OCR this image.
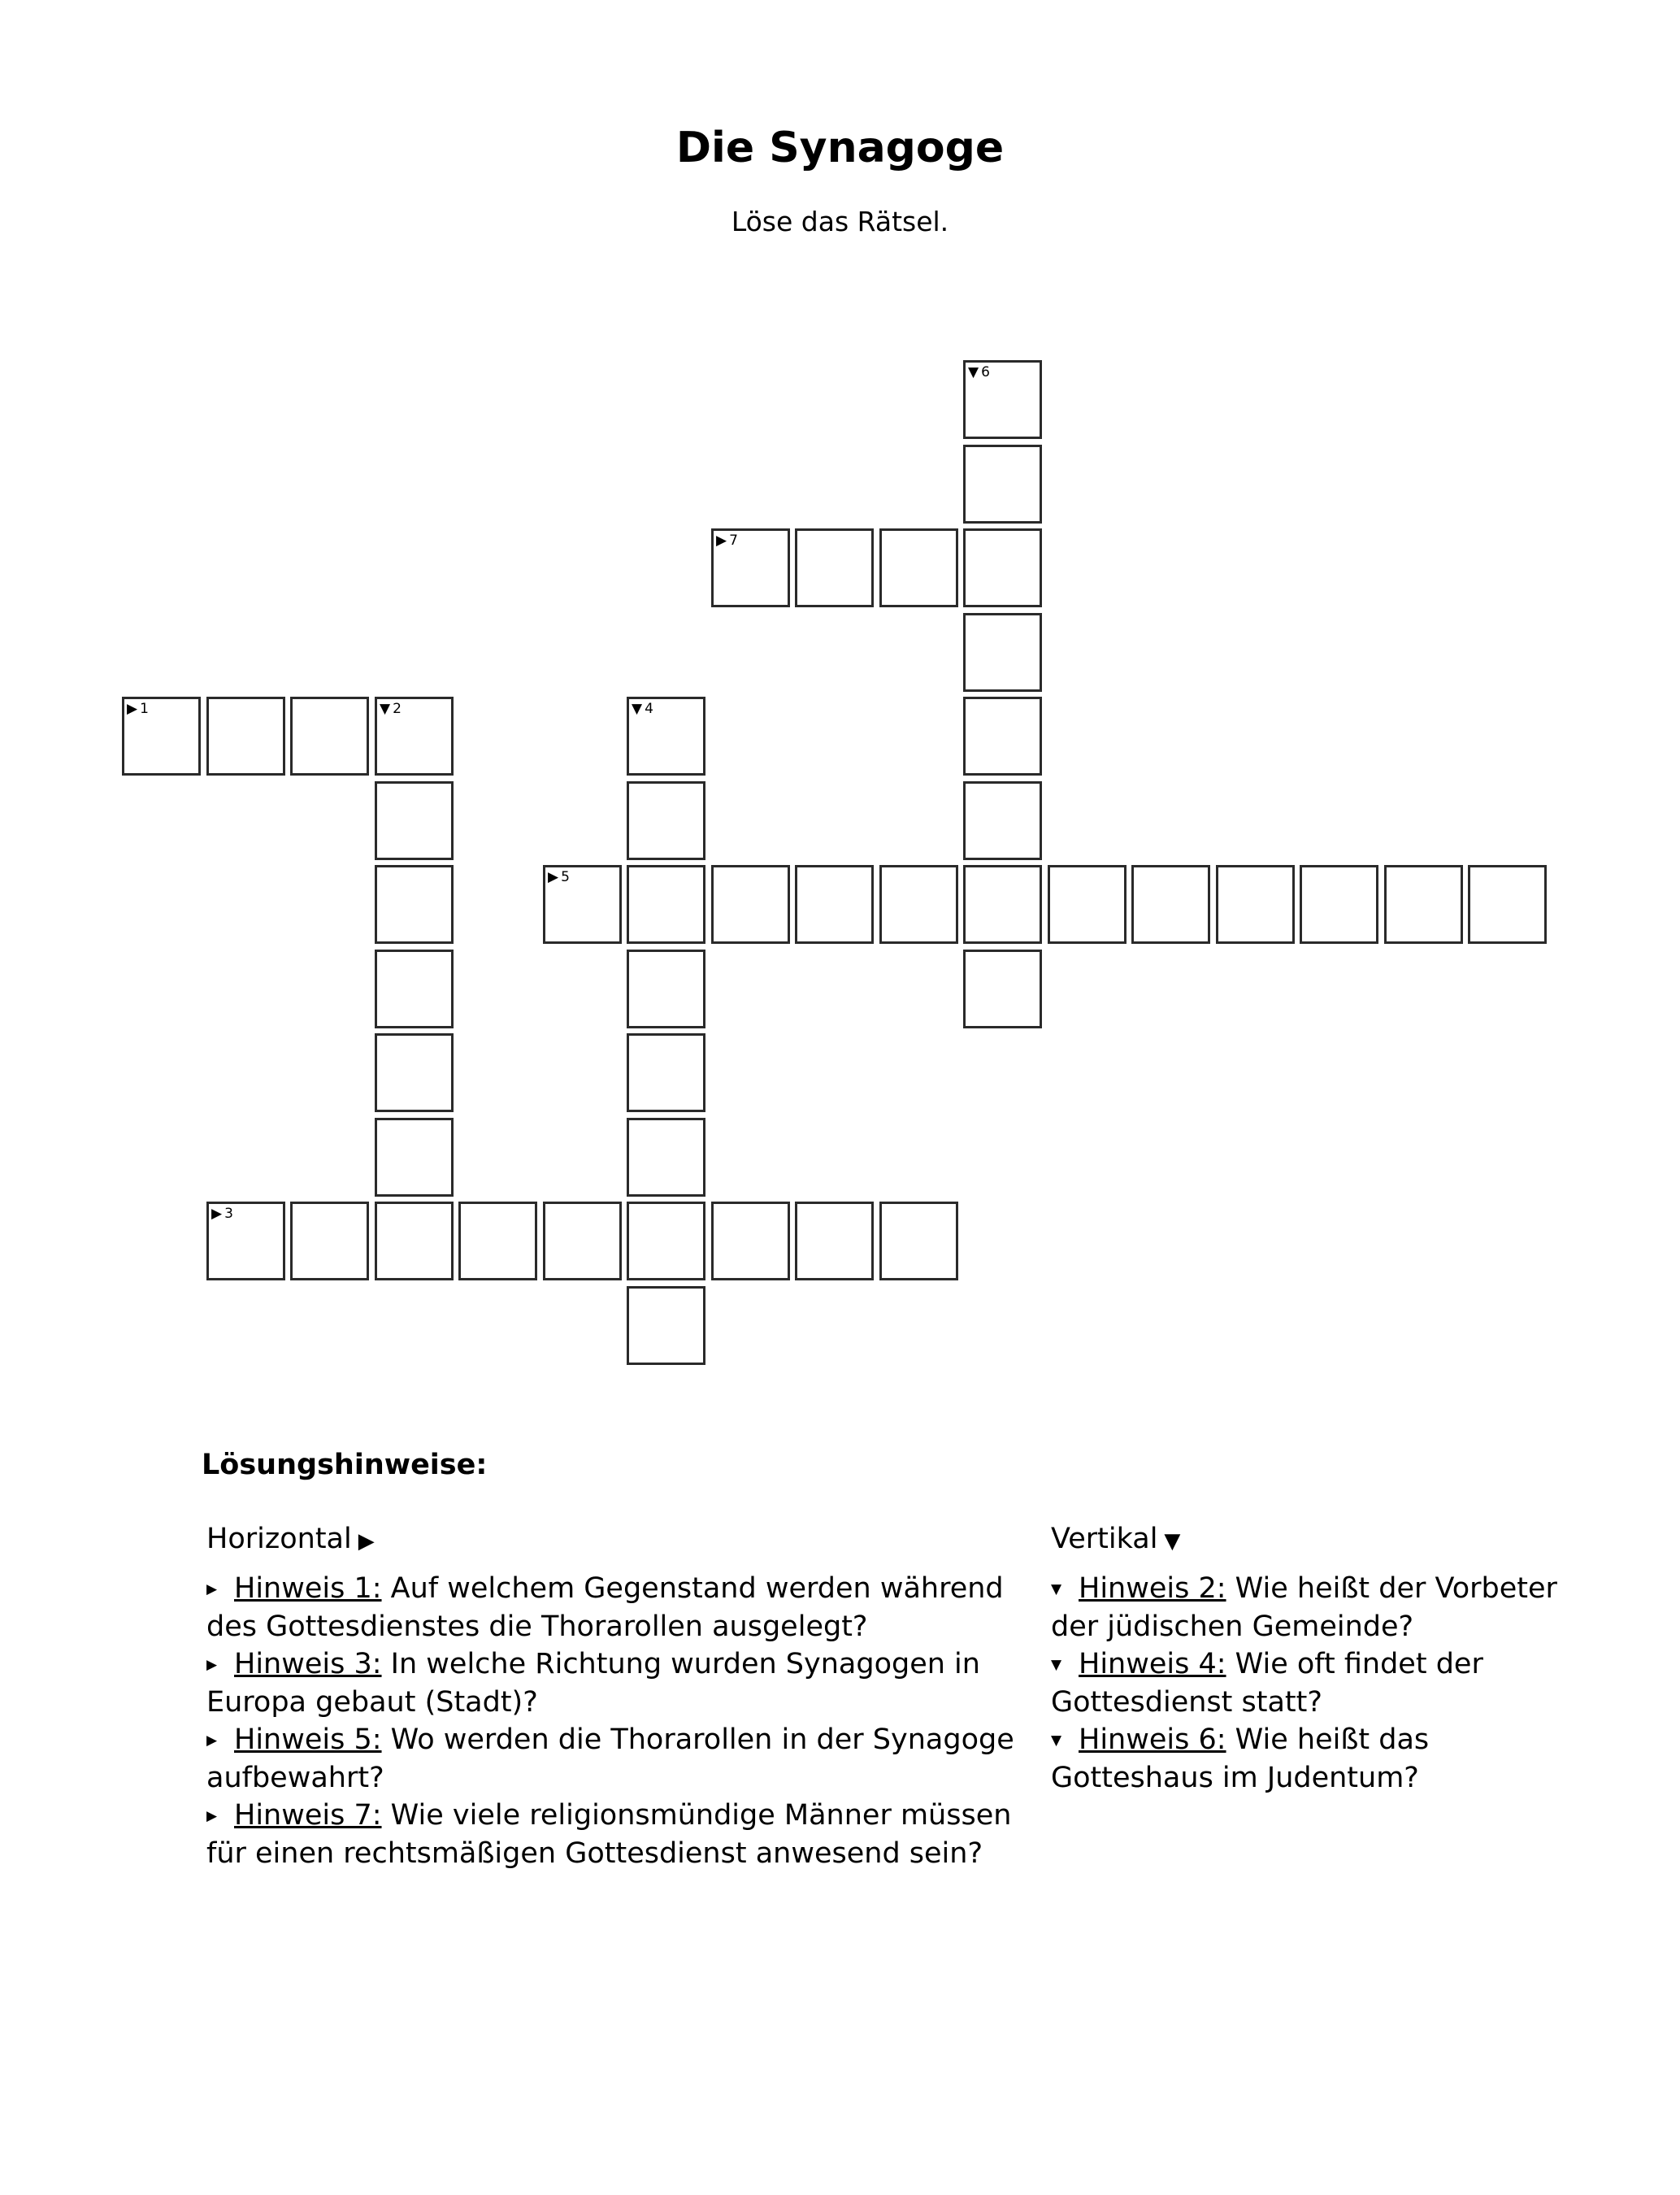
Die Synagoge
Löse das Rätsel.
▶ 1	▼ 2
▶ 3
▼ 4
▶ 5
▼ 6
▶ 7
Lösungshinweise:
Horizontal ▶

▶ Hinweis 1: Auf welchem Gegenstand werden während des Gottesdienstes die Thorarollen ausgelegt?

▶ Hinweis 3: In welche Richtung wurden Synagogen in Europa gebaut (Stadt)?

▶ Hinweis 5: Wo werden die Thorarollen in der Synagoge aufbewahrt?

▶ Hinweis 7: Wie viele religionsmündige Männer müssen für einen rechtsmäßigen Gottesdienst anwesend sein?

Vertikal ▼

▼ Hinweis 2: Wie heißt der Vorbeter der jüdischen Gemeinde?

▼ Hinweis 4: Wie oft findet der Gottesdienst statt?

▼ Hinweis 6: Wie heißt das Gotteshaus im Judentum?
